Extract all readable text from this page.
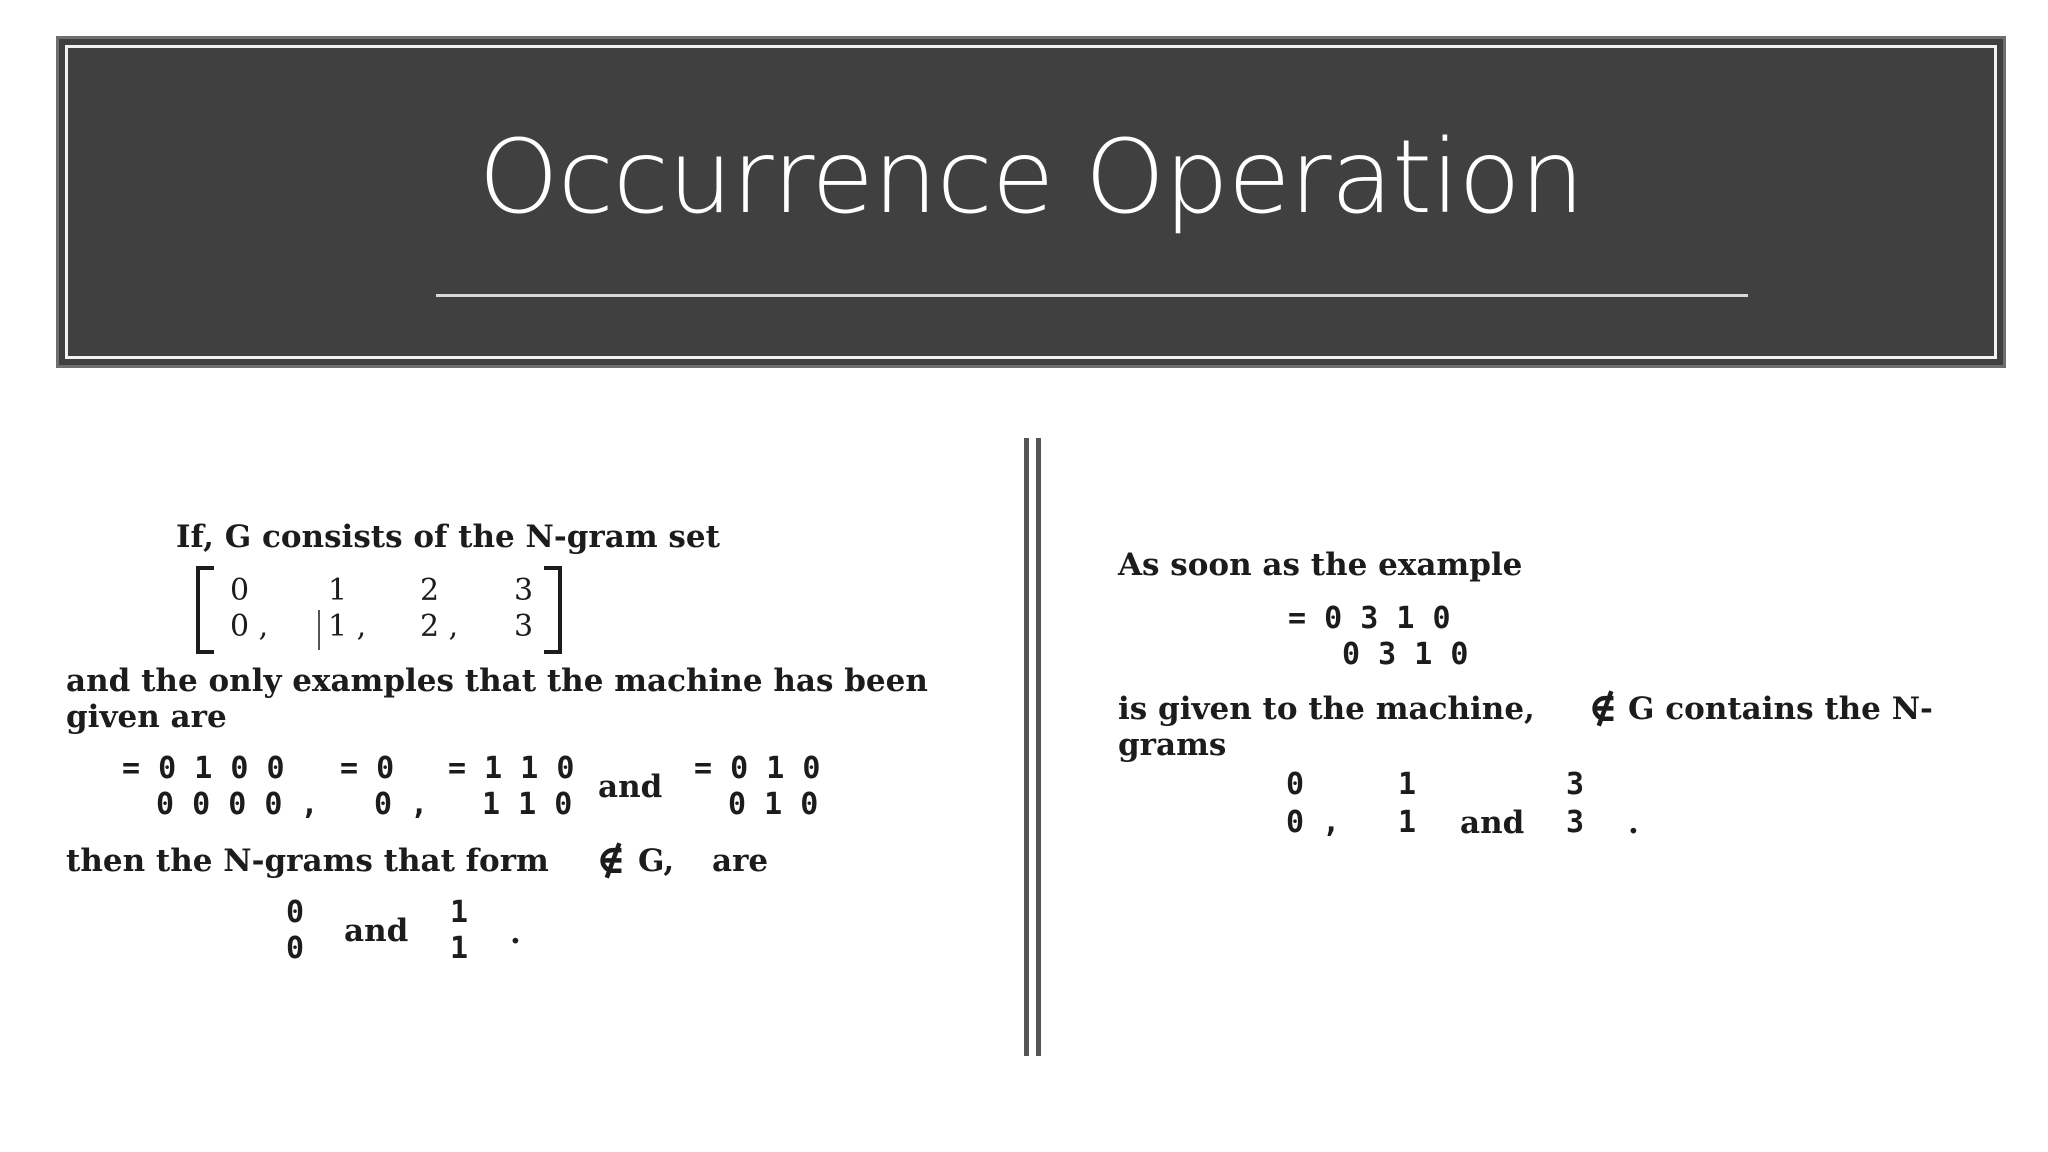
Occurrence Operation
If, G consists of the N-gram set
0	1 2 3
0 , 1 , 2 , 3
and the only examples that the machine has been
given are
= 0 1 0 0
0 0 0 0 ,
= 0
0 ,
= 1 1 0
1 1 0 and
= 0 1 0
0 1 0
then the N-grams that form ∉ G, are
0
0 and
1
1 .
As soon as the example
= 0 3 1 0
0 3 1 0
is given to the machine, ∉ G contains the N-
grams
0
0 ,
1
1 and
3
3 .
